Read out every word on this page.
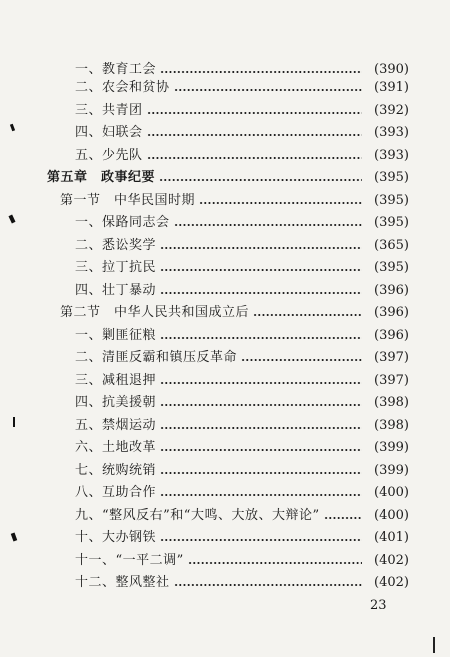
一、教育工会	(390)
二、农会和贫协	(391)
三、共青团	(392)
四、妇联会	(393)
五、少先队	(393)
第五章　政事纪要	(395)
第一节　中华民国时期	(395)
一、保路同志会	(395)
二、悉讼奖学	(365)
三、拉丁抗民	(395)
四、壮丁暴动	(396)
第二节　中华人民共和国成立后	(396)
一、剿匪征粮	(396)
二、清匪反霸和镇压反革命	(397)
三、减租退押	(397)
四、抗美援朝	(398)
五、禁烟运动	(398)
六、土地改革	(399)
七、统购统销	(399)
八、互助合作	(400)
九、“整风反右”和“大鸣、大放、大辩论”	(400)
十、大办钢铁	(401)
十一、“一平二调”	(402)
十二、整风整社	(402)
23
